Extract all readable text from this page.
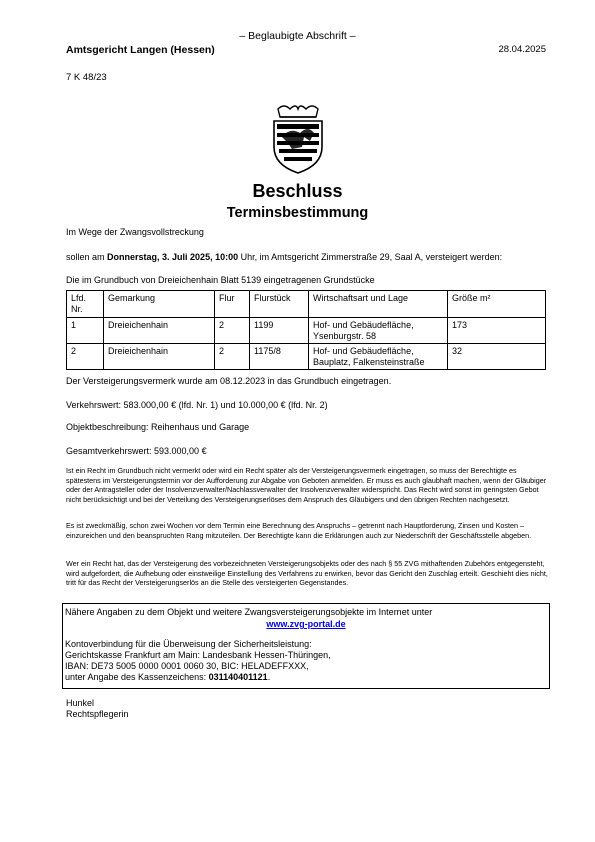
– Beglaubigte Abschrift –
Amtsgericht Langen (Hessen)	28.04.2025
7 K 48/23
Beschluss
Terminsbestimmung
Im Wege der Zwangsvollstreckung
sollen am Donnerstag, 3. Juli 2025, 10:00 Uhr, im Amtsgericht Zimmerstraße 29, Saal A, versteigert werden:
Die im Grundbuch von Dreieichenhain Blatt 5139 eingetragenen Grundstücke
Lfd. Nr.	Gemarkung	Flur	Flurstück	Wirtschaftsart und Lage	Größe m²
1	Dreieichenhain	2	1199	Hof- und Gebäudefläche, Ysenburgstr. 58	173
2	Dreieichenhain	2	1175/8	Hof- und Gebäudefläche, Bauplatz, Falkensteinstraße	32
Der Versteigerungsvermerk wurde am 08.12.2023 in das Grundbuch eingetragen.
Verkehrswert: 583.000,00 € (lfd. Nr. 1) und 10.000,00 € (lfd. Nr. 2)
Objektbeschreibung: Reihenhaus und Garage
Gesamtverkehrswert: 593.000,00 €
Ist ein Recht im Grundbuch nicht vermerkt oder wird ein Recht später als der Versteigerungsvermerk eingetragen, so muss der Berechtigte es spätestens im Versteigerungstermin vor der Aufforderung zur Abgabe von Geboten anmelden. Er muss es auch glaubhaft machen, wenn der Gläubiger oder der Antragsteller oder der Insolvenzverwalter/Nachlassverwalter der Insolvenzverwalter widerspricht. Das Recht wird sonst im geringsten Gebot nicht berücksichtigt und bei der Verteilung des Versteigerungserlöses dem Anspruch des Gläubigers und den übrigen Rechten nachgesetzt.
Es ist zweckmäßig, schon zwei Wochen vor dem Termin eine Berechnung des Anspruchs – getrennt nach Hauptforderung, Zinsen und Kosten – einzureichen und den beanspruchten Rang mitzuteilen. Der Berechtigte kann die Erklärungen auch zur Niederschrift der Geschäftsstelle abgeben.
Wer ein Recht hat, das der Versteigerung des vorbezeichneten Versteigerungsobjekts oder des nach § 55 ZVG mithaftenden Zubehörs entgegensteht, wird aufgefordert, die Aufhebung oder einstweilige Einstellung des Verfahrens zu erwirken, bevor das Gericht den Zuschlag erteilt. Geschieht dies nicht, tritt für das Recht der Versteigerungserlös an die Stelle des versteigerten Gegenstandes.
Nähere Angaben zu dem Objekt und weitere Zwangsversteigerungsobjekte im Internet unter
www.zvg-portal.de
Kontoverbindung für die Überweisung der Sicherheitsleistung:
Gerichtskasse Frankfurt am Main: Landesbank Hessen-Thüringen,
IBAN: DE73 5005 0000 0001 0060 30, BIC: HELADEFFXXX,
unter Angabe des Kassenzeichens: 031140401121.
Hunkel
Rechtspflegerin
